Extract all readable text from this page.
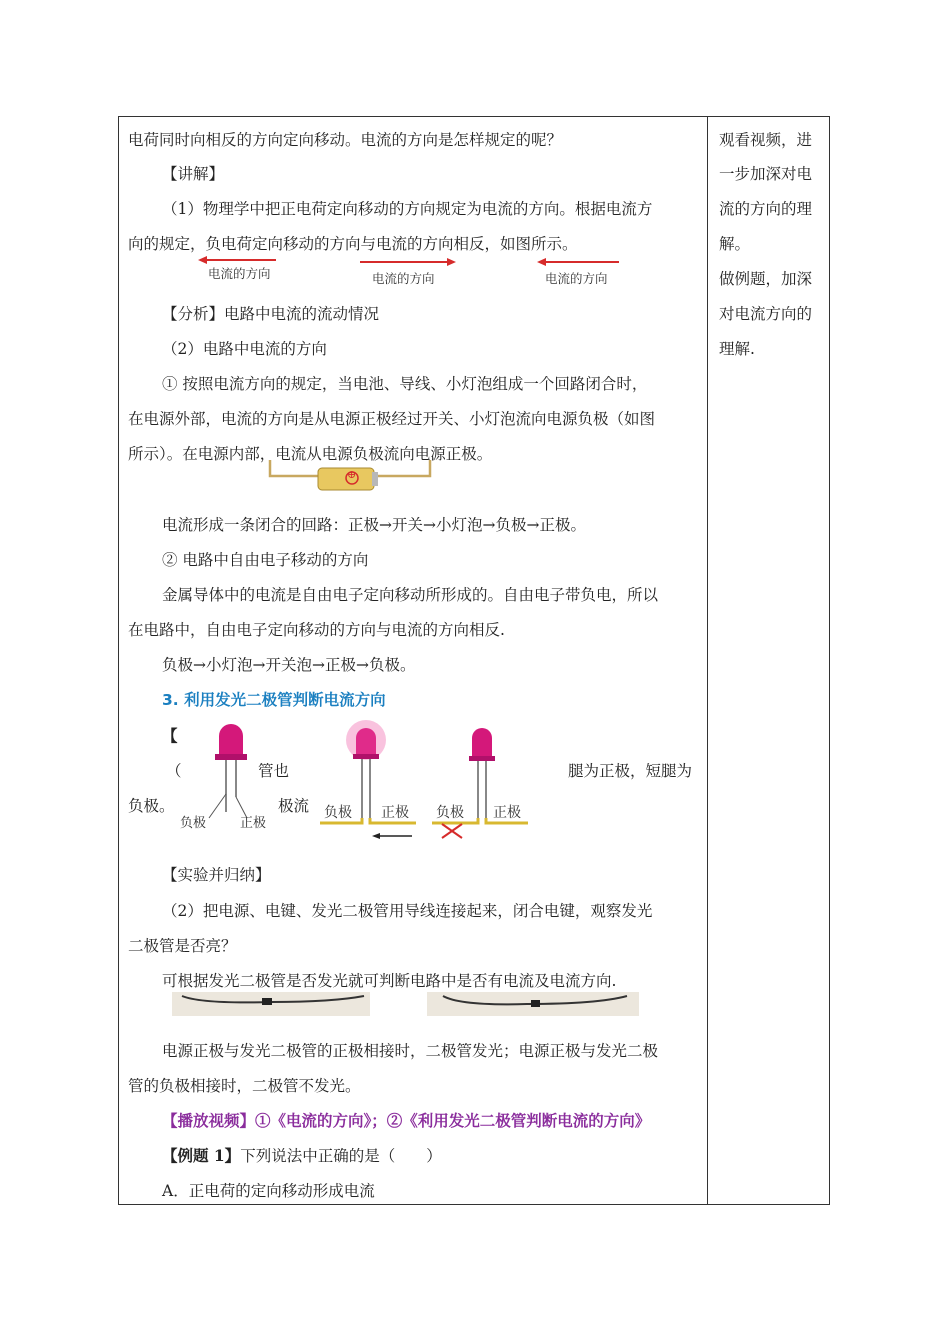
电荷同时向相反的方向定向移动。电流的方向是怎样规定的呢？
【讲解】
（1）物理学中把正电荷定向移动的方向规定为电流的方向。根据电流方
向的规定，负电荷定向移动的方向与电流的方向相反，如图所示。
电流的方向	电流的方向	电流的方向
【分析】电路中电流的流动情况
（2）电路中电流的方向
① 按照电流方向的规定，当电池、导线、小灯泡组成一个回路闭合时，
在电源外部，电流的方向是从电源正极经过开关、小灯泡流向电源负极（如图
所示）。在电源内部，电流从电源负极流向电源正极。
⊕
电流形成一条闭合的回路：正极→开关→小灯泡→负极→正极。
② 电路中自由电子移动的方向
金属导体中的电流是自由电子定向移动所形成的。自由电子带负电，所以
在电路中，自由电子定向移动的方向与电流的方向相反.
负极→小灯泡→开关泡→正极→负极。
3. 利用发光二极管判断电流方向
【
（	管也	腿为正极，短腿为
负极。	极流
负极	正极
负极 正极 负极 正极
【实验并归纳】
（2）把电源、电键、发光二极管用导线连接起来，闭合电键，观察发光
二极管是否亮？
可根据发光二极管是否发光就可判断电路中是否有电流及电流方向.
电源正极与发光二极管的正极相接时，二极管发光；电源正极与发光二极
管的负极相接时，二极管不发光。
【播放视频】①《电流的方向》；②《利用发光二极管判断电流的方向》
【例题 1】下列说法中正确的是（　　）
A．正电荷的定向移动形成电流
观看视频，进
一步加深对电
流的方向的理
解。
做例题，加深
对电流方向的
理解.
